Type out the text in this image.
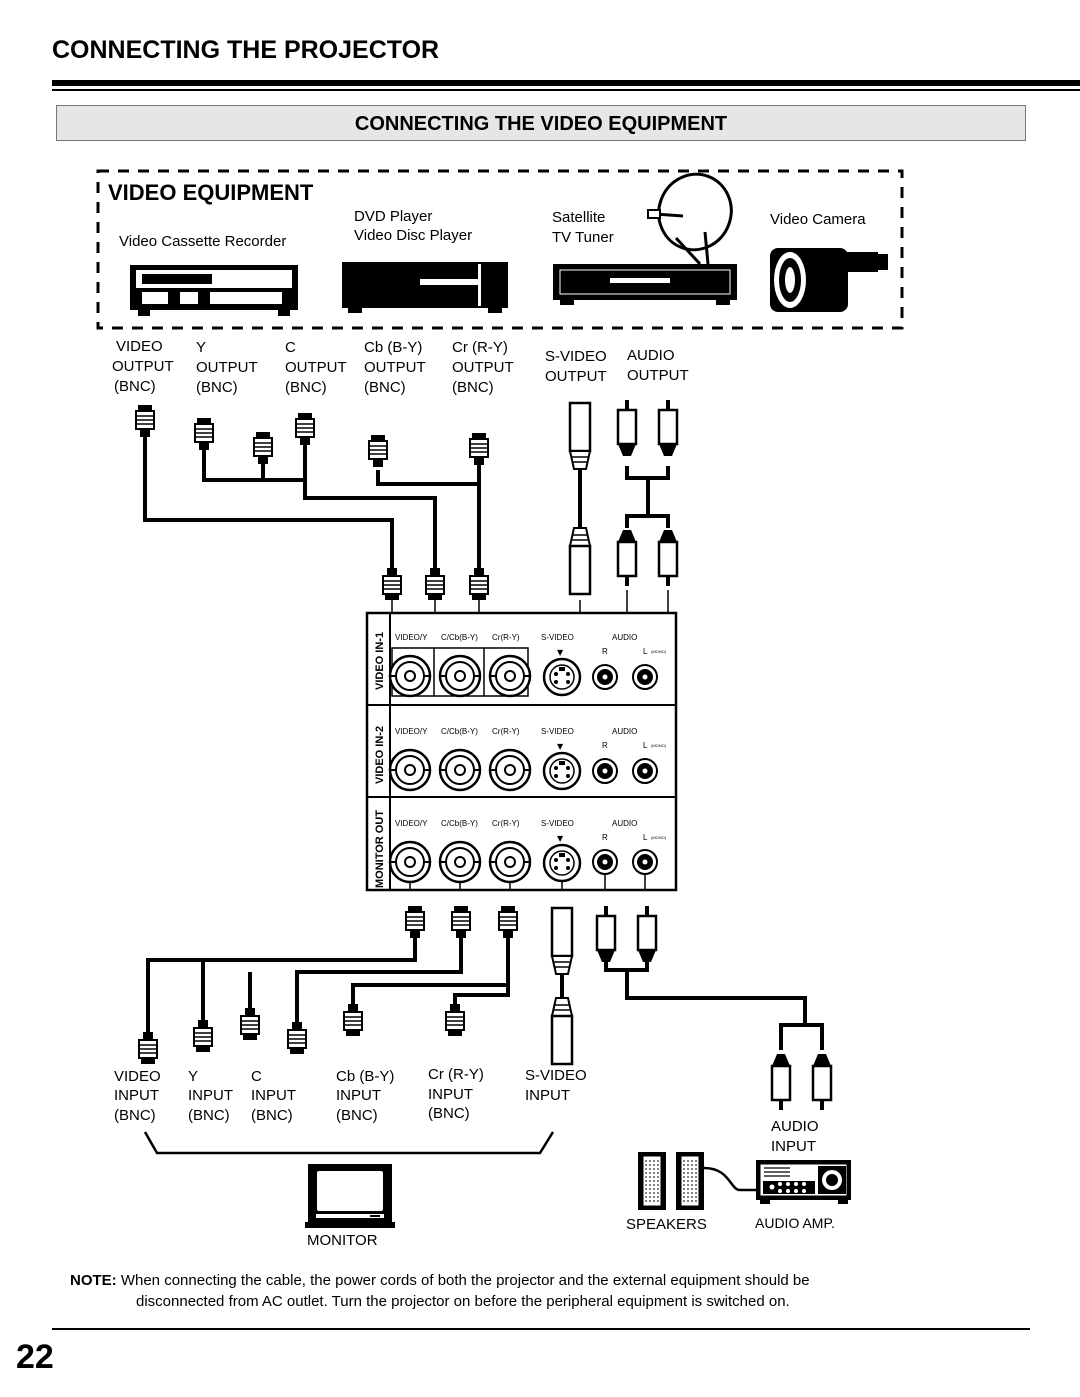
CONNECTING THE PROJECTOR
CONNECTING THE VIDEO EQUIPMENT
VIDEO EQUIPMENT
Video Cassette Recorder
DVD Player
Video Disc Player
Satellite
TV Tuner
Video Camera
VIDEO
OUTPUT
(BNC)
Y
OUTPUT
(BNC)
C
OUTPUT
(BNC)
Cb (B-Y)
OUTPUT
(BNC)
Cr (R-Y)
OUTPUT
(BNC)
S-VIDEO
OUTPUT
AUDIO
OUTPUT
VIDEO IN-1
VIDEO IN-2
MONITOR OUT
VIDEO/Y C/Cb(B-Y) Cr(R-Y)	S-VIDEO	AUDIO
R	L (MONO)
▼
VIDEO/Y C/Cb(B-Y) Cr(R-Y)	S-VIDEO	AUDIO
R	L (MONO)
▼
VIDEO/Y C/Cb(B-Y) Cr(R-Y)	S-VIDEO	AUDIO
R	L (MONO)
▼
VIDEO
INPUT
(BNC)
Y
INPUT
(BNC)
C
INPUT
(BNC)
Cb (B-Y)
INPUT
(BNC)
Cr (R-Y)
INPUT
(BNC)
S-VIDEO
INPUT
AUDIO
INPUT
MONITOR
SPEAKERS	AUDIO AMP.
NOTE: When connecting the cable, the power cords of both the projector and the external equipment should be
disconnected from AC outlet. Turn the projector on before the peripheral equipment is switched on.
22
